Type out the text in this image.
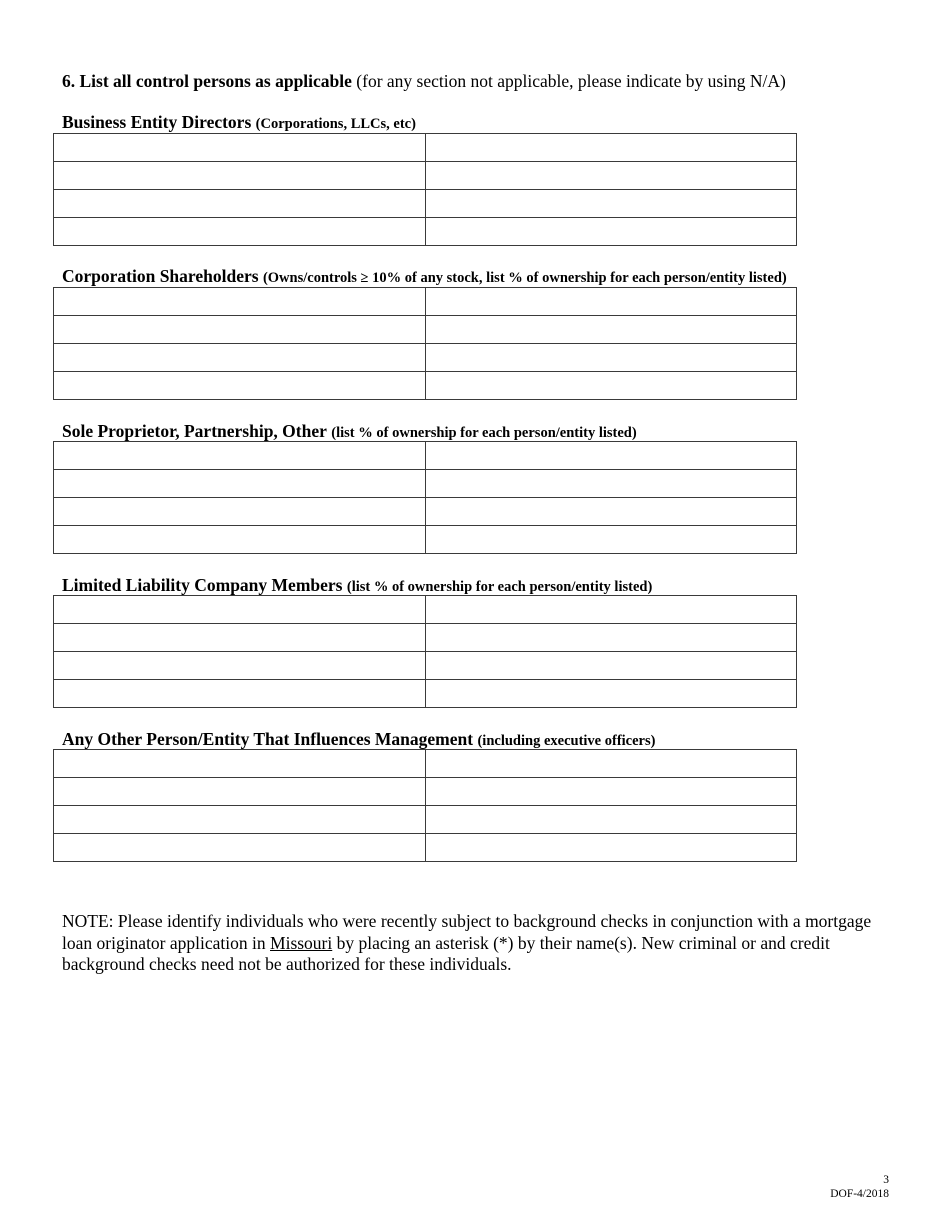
6. List all control persons as applicable (for any section not applicable, please indicate by using N/A)
Business Entity Directors (Corporations, LLCs, etc)

Corporation Shareholders (Owns/controls ≥ 10% of any stock, list % of ownership for each person/entity listed)

Sole Proprietor, Partnership, Other (list % of ownership for each person/entity listed)

Limited Liability Company Members (list % of ownership for each person/entity listed)

Any Other Person/Entity That Influences Management (including executive officers)

NOTE: Please identify individuals who were recently subject to background checks in conjunction with a mortgage loan originator application in Missouri by placing an asterisk (*) by their name(s). New criminal or and credit background checks need not be authorized for these individuals.
3
DOF-4/2018
